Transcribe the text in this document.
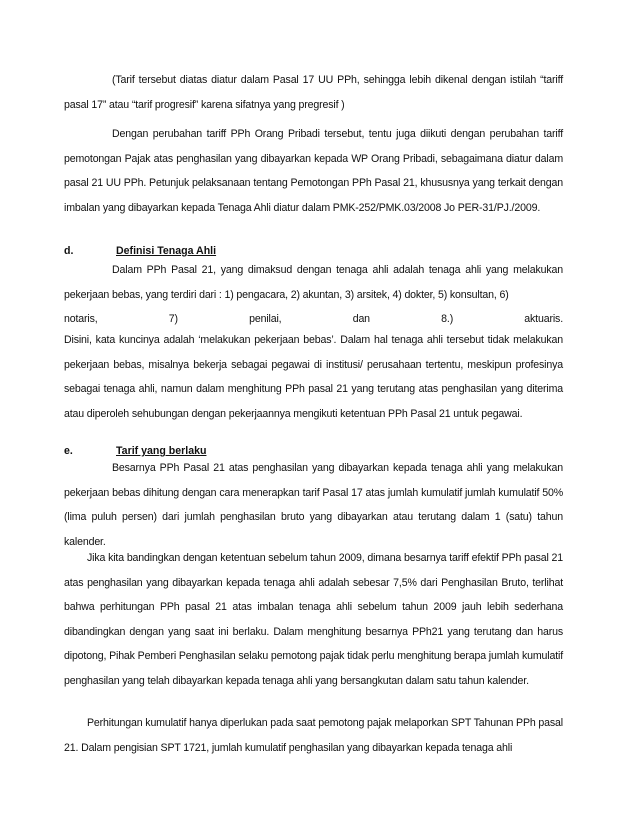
(Tarif tersebut diatas diatur dalam Pasal 17 UU PPh, sehingga lebih dikenal dengan istilah “tariff pasal 17” atau “tarif progresif” karena sifatnya yang pregresif )

Dengan perubahan tariff PPh Orang Pribadi tersebut, tentu juga diikuti dengan perubahan tariff pemotongan Pajak atas penghasilan yang dibayarkan kepada WP Orang Pribadi, sebagaimana diatur dalam pasal 21 UU PPh. Petunjuk pelaksanaan tentang Pemotongan PPh Pasal 21, khususnya yang terkait dengan imbalan yang dibayarkan kepada Tenaga Ahli diatur dalam PMK-252/PMK.03/2008 Jo PER-31/PJ./2009.

d.	Definisi Tenaga Ahli
Dalam PPh Pasal 21, yang dimaksud dengan tenaga ahli adalah tenaga ahli yang melakukan pekerjaan bebas, yang terdiri dari : 1) pengacara, 2) akuntan, 3) arsitek, 4) dokter, 5) konsultan, 6)
notaris,	7)	penilai,	dan	8.)	aktuaris.

Disini, kata kuncinya adalah ‘melakukan pekerjaan bebas’. Dalam hal tenaga ahli tersebut tidak melakukan pekerjaan bebas, misalnya bekerja sebagai pegawai di institusi/ perusahaan tertentu, meskipun profesinya sebagai tenaga ahli, namun dalam menghitung PPh pasal 21 yang terutang atas penghasilan yang diterima atau diperoleh sehubungan dengan pekerjaannya mengikuti ketentuan PPh Pasal 21 untuk pegawai.

e.	Tarif yang berlaku

Besarnya PPh Pasal 21 atas penghasilan yang dibayarkan kepada tenaga ahli yang melakukan pekerjaan bebas dihitung dengan cara menerapkan tarif Pasal 17 atas jumlah kumulatif jumlah kumulatif 50% (lima puluh persen) dari jumlah penghasilan bruto yang dibayarkan atau terutang dalam 1 (satu) tahun kalender.

Jika kita bandingkan dengan ketentuan sebelum tahun 2009, dimana besarnya tariff efektif PPh pasal 21 atas penghasilan yang dibayarkan kepada tenaga ahli adalah sebesar 7,5% dari Penghasilan Bruto, terlihat bahwa perhitungan PPh pasal 21 atas imbalan tenaga ahli sebelum tahun 2009 jauh lebih sederhana dibandingkan dengan yang saat ini berlaku. Dalam menghitung besarnya PPh21 yang terutang dan harus dipotong, Pihak Pemberi Penghasilan selaku pemotong pajak tidak perlu menghitung berapa jumlah kumulatif penghasilan yang telah dibayarkan kepada tenaga ahli yang bersangkutan dalam satu tahun kalender.

Perhitungan kumulatif hanya diperlukan pada saat pemotong pajak melaporkan SPT Tahunan PPh pasal 21. Dalam pengisian SPT 1721, jumlah kumulatif penghasilan yang dibayarkan kepada tenaga ahli
